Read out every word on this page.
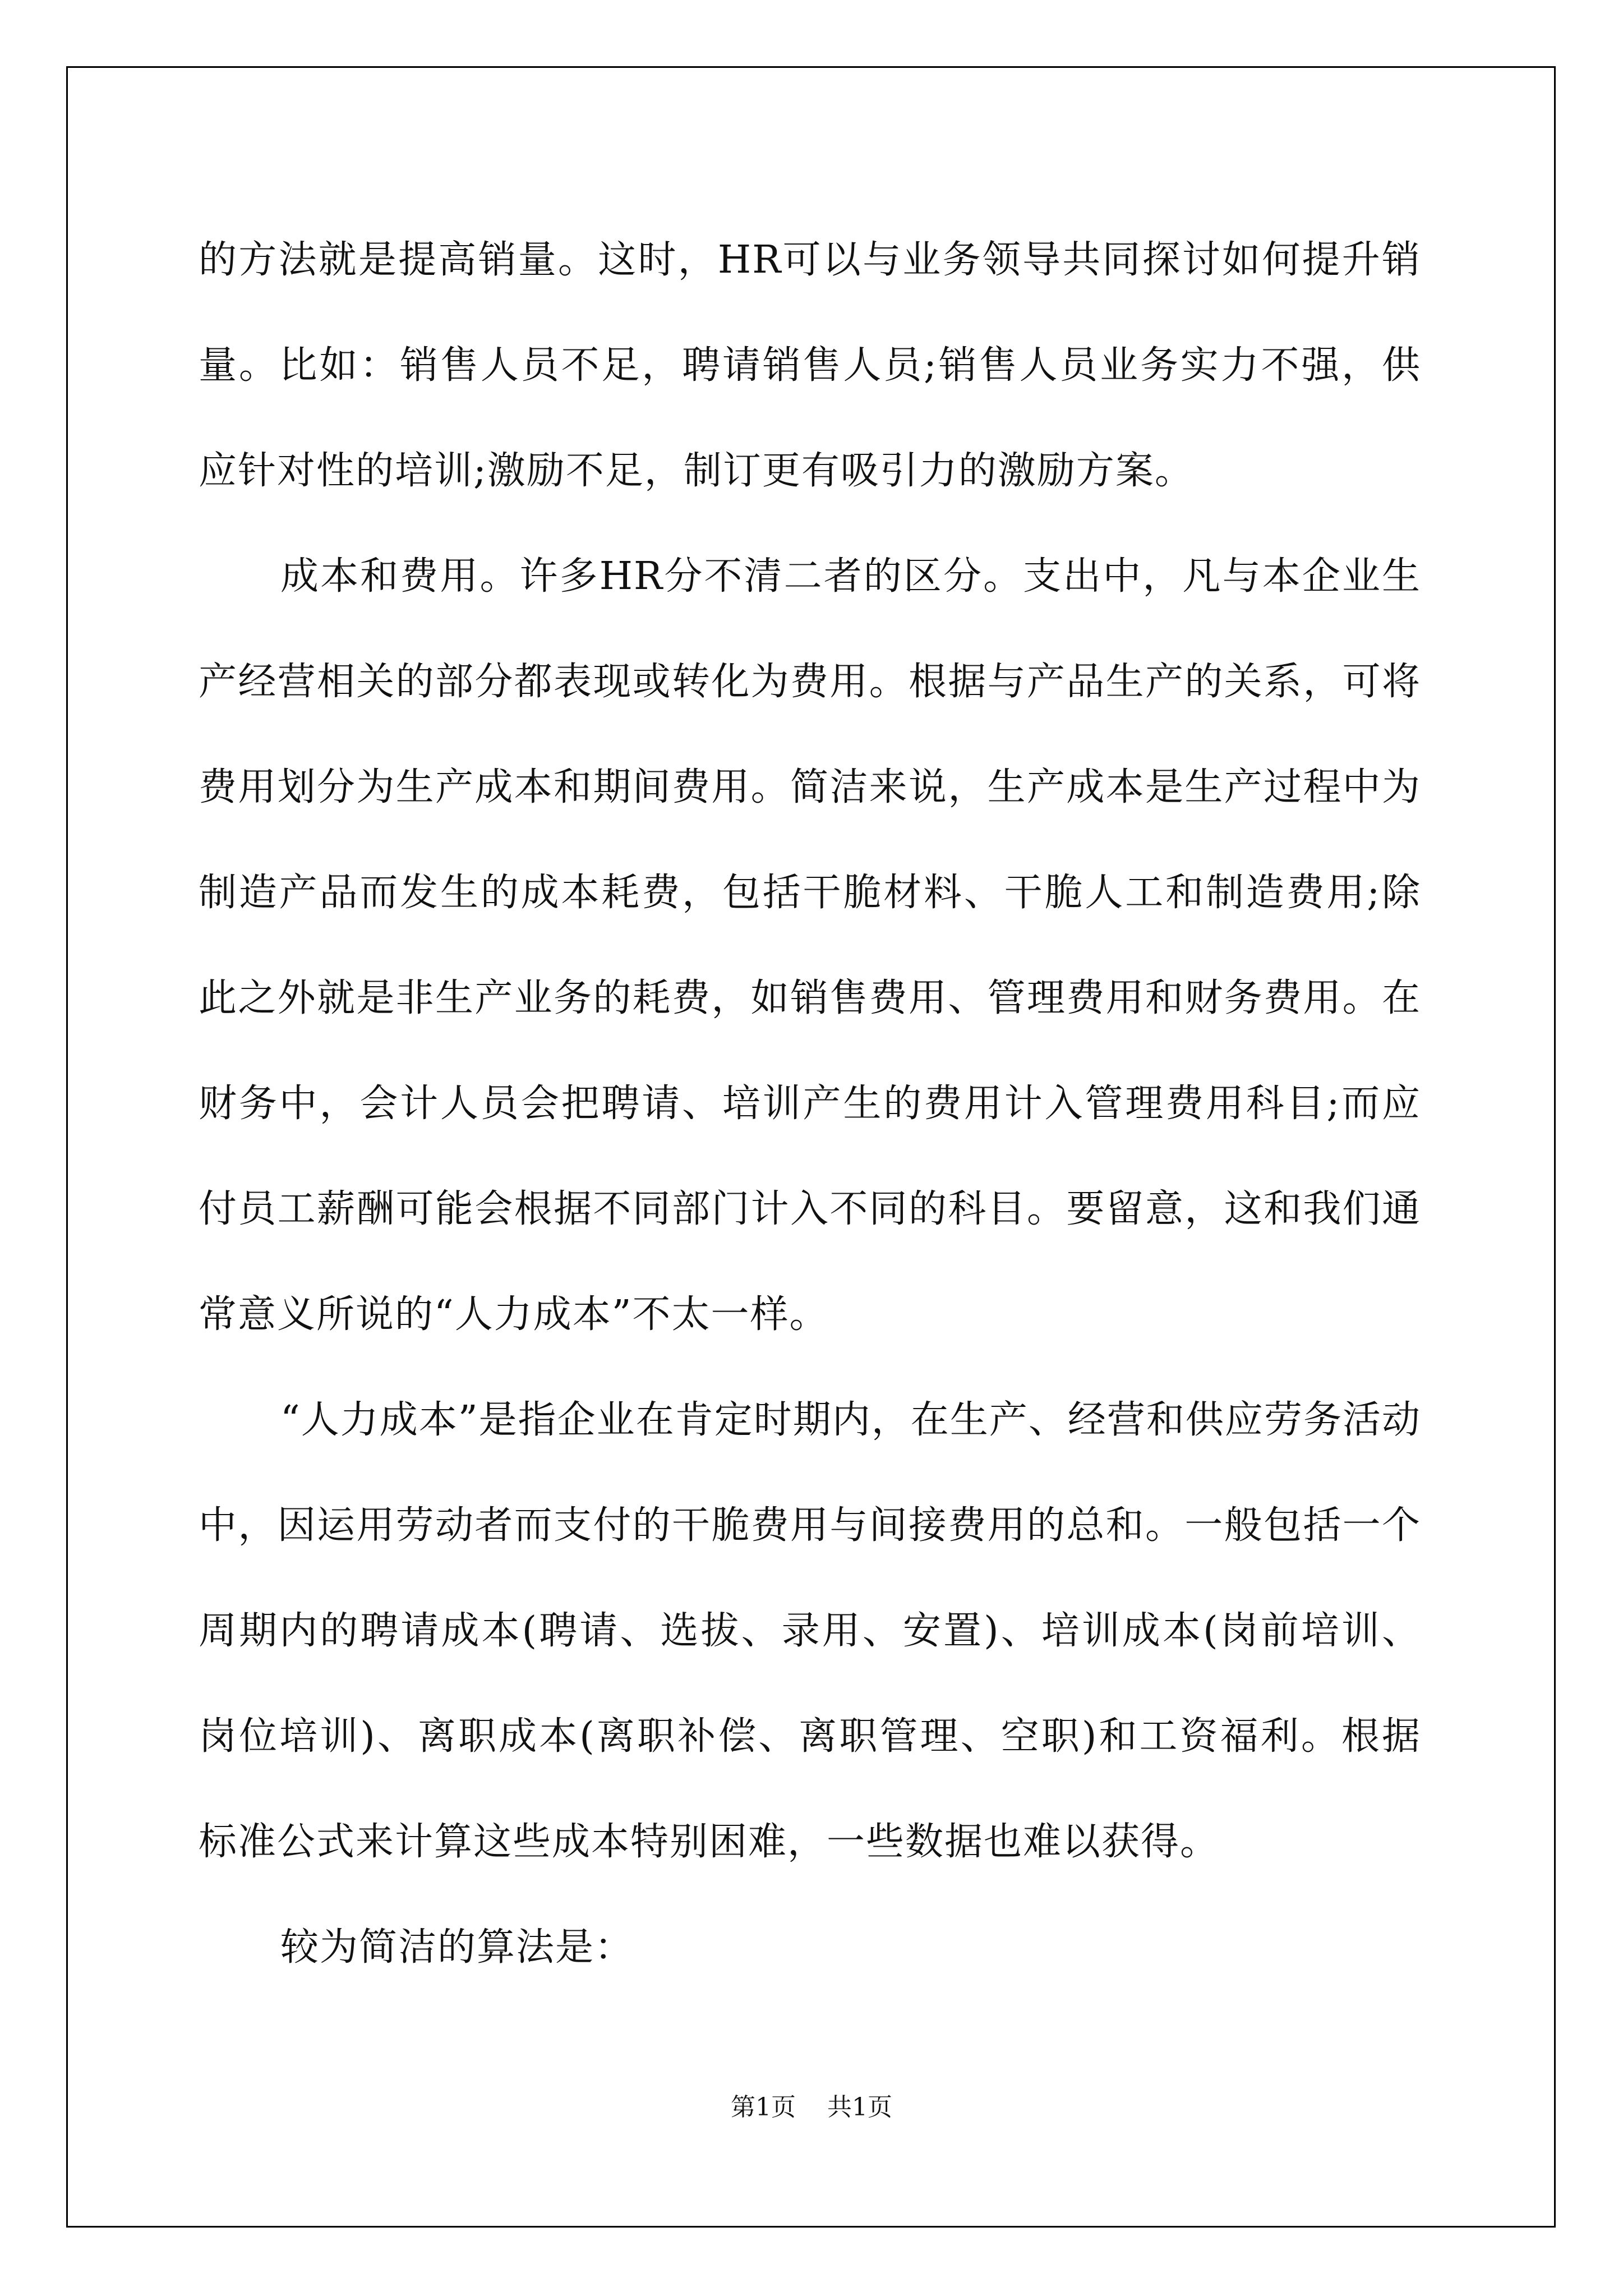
的方法就是提高销量。这时，HR可以与业务领导共同探讨如何提升销量。比如：销售人员不足，聘请销售人员;销售人员业务实力不强，供应针对性的培训;激励不足，制订更有吸引力的激励方案。

成本和费用。许多HR分不清二者的区分。支出中，凡与本企业生产经营相关的部分都表现或转化为费用。根据与产品生产的关系，可将费用划分为生产成本和期间费用。简洁来说，生产成本是生产过程中为制造产品而发生的成本耗费，包括干脆材料、干脆人工和制造费用;除此之外就是非生产业务的耗费，如销售费用、管理费用和财务费用。在财务中，会计人员会把聘请、培训产生的费用计入管理费用科目;而应付员工薪酬可能会根据不同部门计入不同的科目。要留意，这和我们通常意义所说的“人力成本”不太一样。

“人力成本”是指企业在肯定时期内，在生产、经营和供应劳务活动中，因运用劳动者而支付的干脆费用与间接费用的总和。一般包括一个周期内的聘请成本(聘请、选拔、录用、安置)、培训成本(岗前培训、岗位培训)、离职成本(离职补偿、离职管理、空职)和工资福利。根据标准公式来计算这些成本特别困难，一些数据也难以获得。

较为简洁的算法是：

第1页 共1页
